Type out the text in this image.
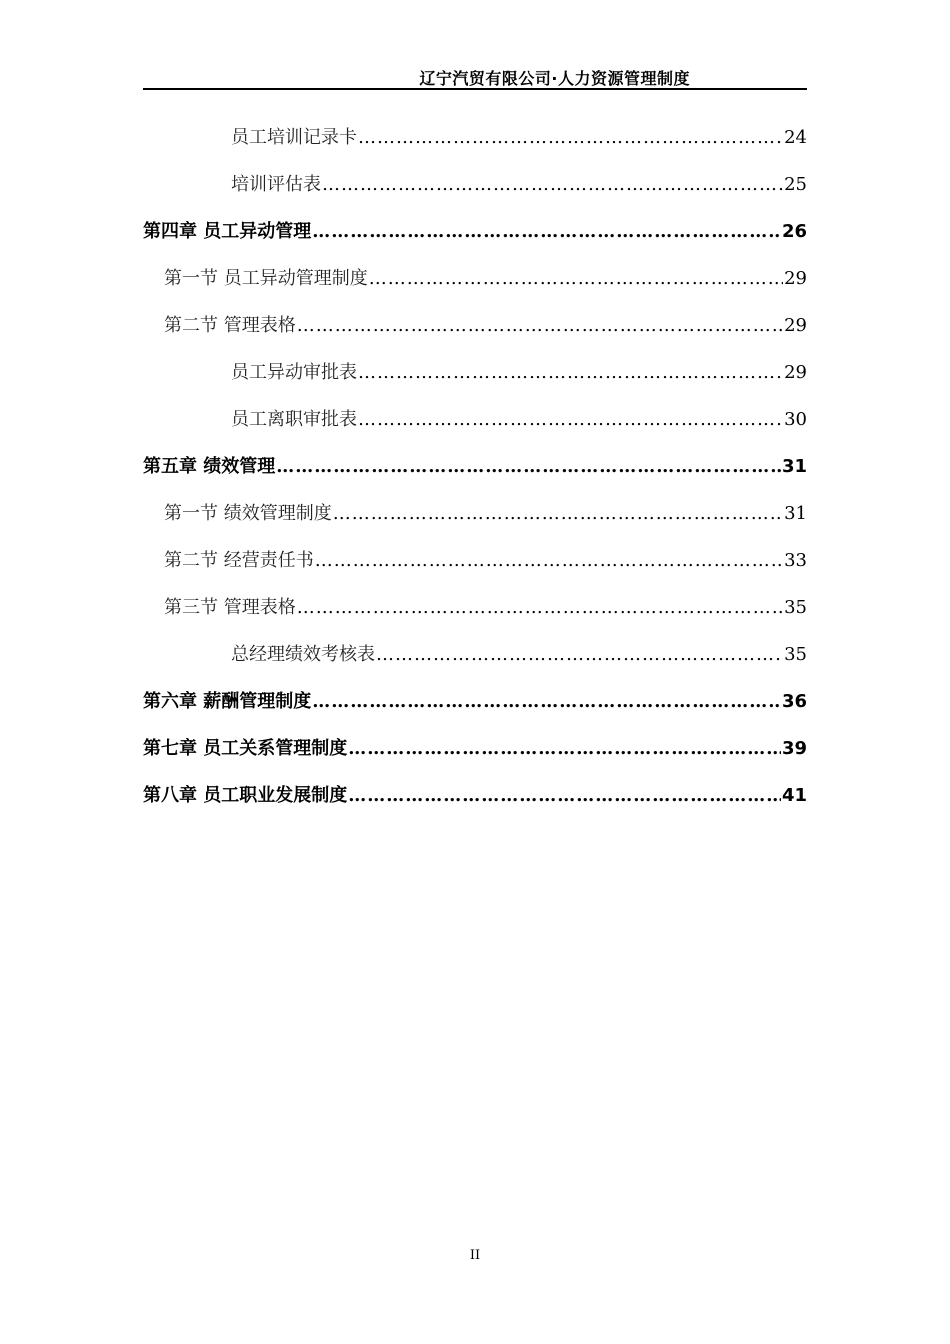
辽宁汽贸有限公司·人力资源管理制度
员工培训记录卡 ……………………………………………………………………………………………………………………………………	24
培训评估表 ……………………………………………………………………………………………………………………………………	25
第四章 员工异动管理 ……………………………………………………………………………………………………………………………………	26
第一节 员工异动管理制度 ……………………………………………………………………………………………………………………………………	29
第二节 管理表格 ……………………………………………………………………………………………………………………………………	29
员工异动审批表 ……………………………………………………………………………………………………………………………………	29
员工离职审批表 ……………………………………………………………………………………………………………………………………	30
第五章 绩效管理 ……………………………………………………………………………………………………………………………………	31
第一节 绩效管理制度 ……………………………………………………………………………………………………………………………………	31
第二节 经营责任书 ……………………………………………………………………………………………………………………………………	33
第三节 管理表格 ……………………………………………………………………………………………………………………………………	35
总经理绩效考核表 ……………………………………………………………………………………………………………………………………	35
第六章 薪酬管理制度 ……………………………………………………………………………………………………………………………………	36
第七章 员工关系管理制度 ……………………………………………………………………………………………………………………………………	39
第八章 员工职业发展制度 ……………………………………………………………………………………………………………………………………	41
II
